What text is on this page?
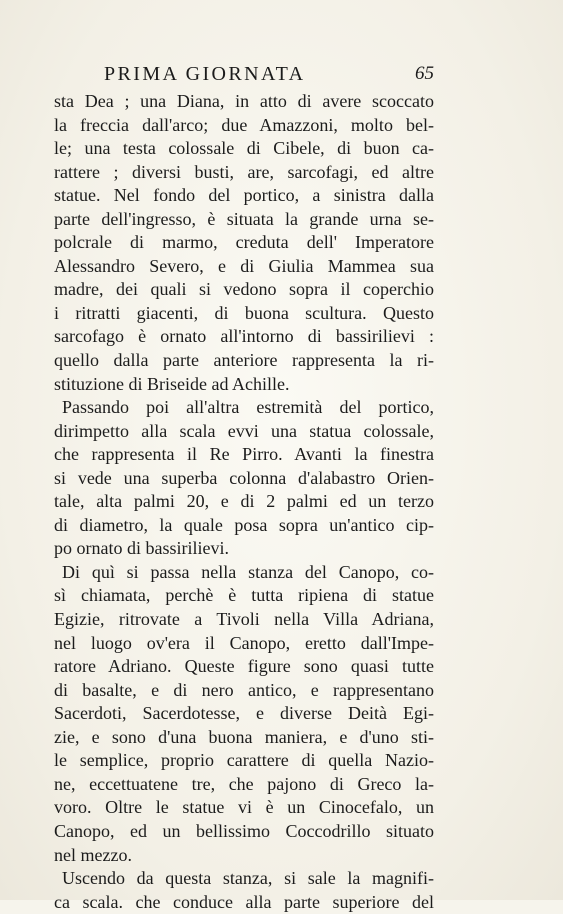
PRIMA GIORNATA	65
sta Dea ; una Diana, in atto di avere scoccato
la freccia dall'arco; due Amazzoni, molto bel-
le; una testa colossale di Cibele, di buon ca-
rattere ; diversi busti, are, sarcofagi, ed altre
statue. Nel fondo del portico, a sinistra dalla
parte dell'ingresso, è situata la grande urna se-
polcrale di marmo, creduta dell' Imperatore
Alessandro Severo, e di Giulia Mammea sua
madre, dei quali si vedono sopra il coperchio
i ritratti giacenti, di buona scultura. Questo
sarcofago è ornato all'intorno di bassirilievi :
quello dalla parte anteriore rappresenta la ri-
stituzione di Briseide ad Achille.
Passando poi all'altra estremità del portico,
dirimpetto alla scala evvi una statua colossale,
che rappresenta il Re Pirro. Avanti la finestra
si vede una superba colonna d'alabastro Orien-
tale, alta palmi 20, e di 2 palmi ed un terzo
di diametro, la quale posa sopra un'antico cip-
po ornato di bassirilievi.
Di quì si passa nella stanza del Canopo, co-
sì chiamata, perchè è tutta ripiena di statue
Egizie, ritrovate a Tivoli nella Villa Adriana,
nel luogo ov'era il Canopo, eretto dall'Impe-
ratore Adriano. Queste figure sono quasi tutte
di basalte, e di nero antico, e rappresentano
Sacerdoti, Sacerdotesse, e diverse Deità Egi-
zie, e sono d'una buona maniera, e d'uno sti-
le semplice, proprio carattere di quella Nazio-
ne, eccettuatene tre, che pajono di Greco la-
voro. Oltre le statue vi è un Cinocefalo, un
Canopo, ed un bellissimo Coccodrillo situato
nel mezzo.
Uscendo da questa stanza, si sale la magnifi-
ca scala. che conduce alla parte superiore del
